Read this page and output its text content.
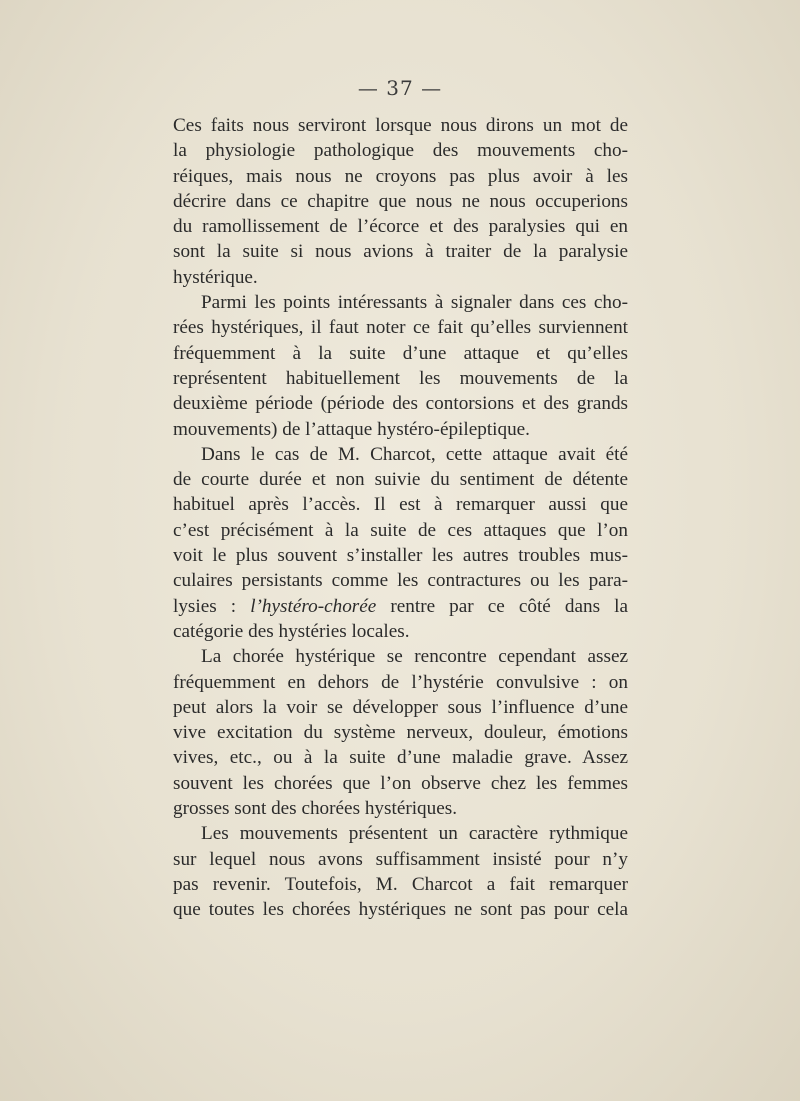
— 37 —
Ces faits nous serviront lorsque nous dirons un mot de
la physiologie pathologique des mouvements cho-
réiques, mais nous ne croyons pas plus avoir à les
décrire dans ce chapitre que nous ne nous occuperions
du ramollissement de l’écorce et des paralysies qui en
sont la suite si nous avions à traiter de la paralysie
hystérique.
Parmi les points intéressants à signaler dans ces cho-
rées hystériques, il faut noter ce fait qu’elles surviennent
fréquemment à la suite d’une attaque et qu’elles
représentent habituellement les mouvements de la
deuxième période (période des contorsions et des grands
mouvements) de l’attaque hystéro-épileptique.
Dans le cas de M. Charcot, cette attaque avait été
de courte durée et non suivie du sentiment de détente
habituel après l’accès. Il est à remarquer aussi que
c’est précisément à la suite de ces attaques que l’on
voit le plus souvent s’installer les autres troubles mus-
culaires persistants comme les contractures ou les para-
lysies : l’hystéro-chorée rentre par ce côté dans la
catégorie des hystéries locales.
La chorée hystérique se rencontre cependant assez
fréquemment en dehors de l’hystérie convulsive : on
peut alors la voir se développer sous l’influence d’une
vive excitation du système nerveux, douleur, émotions
vives, etc., ou à la suite d’une maladie grave. Assez
souvent les chorées que l’on observe chez les femmes
grosses sont des chorées hystériques.
Les mouvements présentent un caractère rythmique
sur lequel nous avons suffisamment insisté pour n’y
pas revenir. Toutefois, M. Charcot a fait remarquer
que toutes les chorées hystériques ne sont pas pour cela
